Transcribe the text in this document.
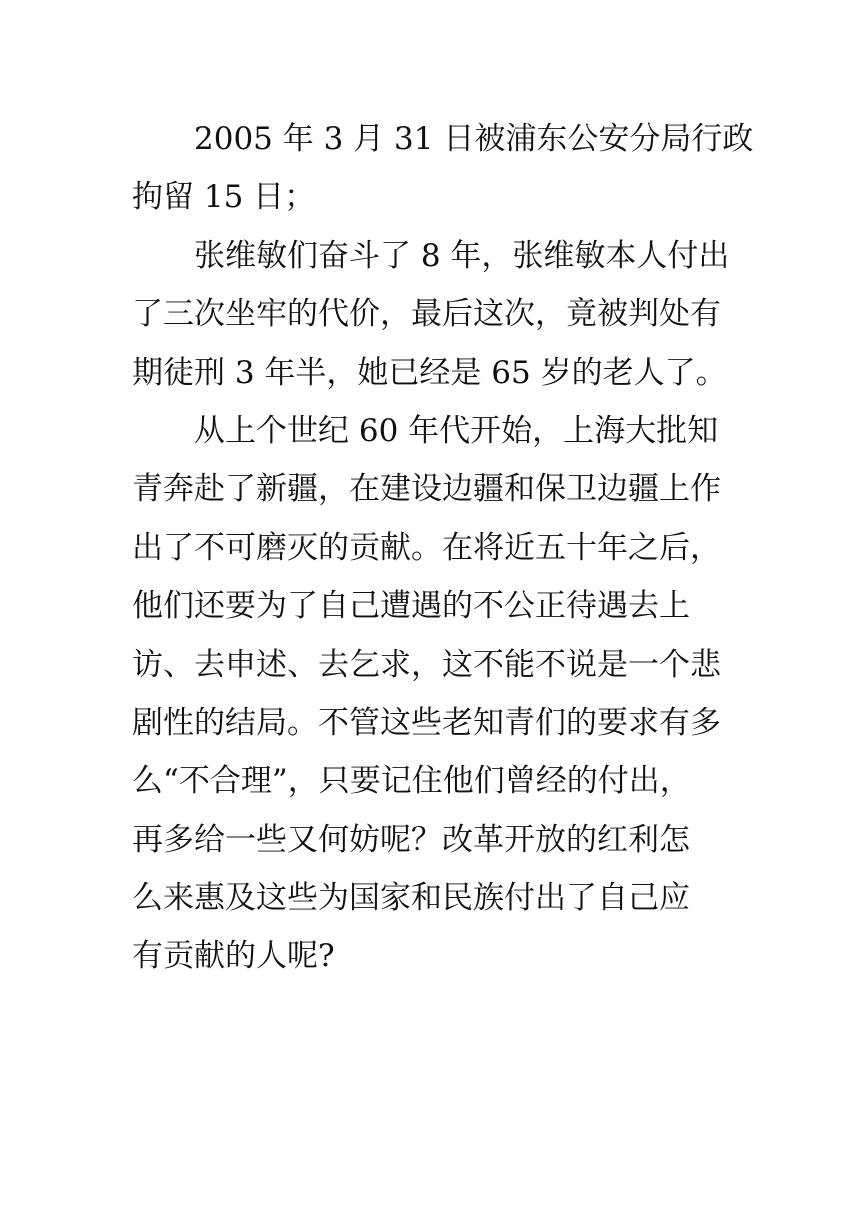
2005 年 3 月 31 日被浦东公安分局行政
拘留 15 日；
张维敏们奋斗了 8 年，张维敏本人付出
了三次坐牢的代价，最后这次，竟被判处有
期徒刑 3 年半，她已经是 65 岁的老人了。
从上个世纪 60 年代开始，上海大批知
青奔赴了新疆，在建设边疆和保卫边疆上作
出了不可磨灭的贡献。在将近五十年之后，
他们还要为了自己遭遇的不公正待遇去上
访、去申述、去乞求，这不能不说是一个悲
剧性的结局。不管这些老知青们的要求有多
么“不合理”，只要记住他们曾经的付出，
再多给一些又何妨呢？改革开放的红利怎
么来惠及这些为国家和民族付出了自己应
有贡献的人呢?
